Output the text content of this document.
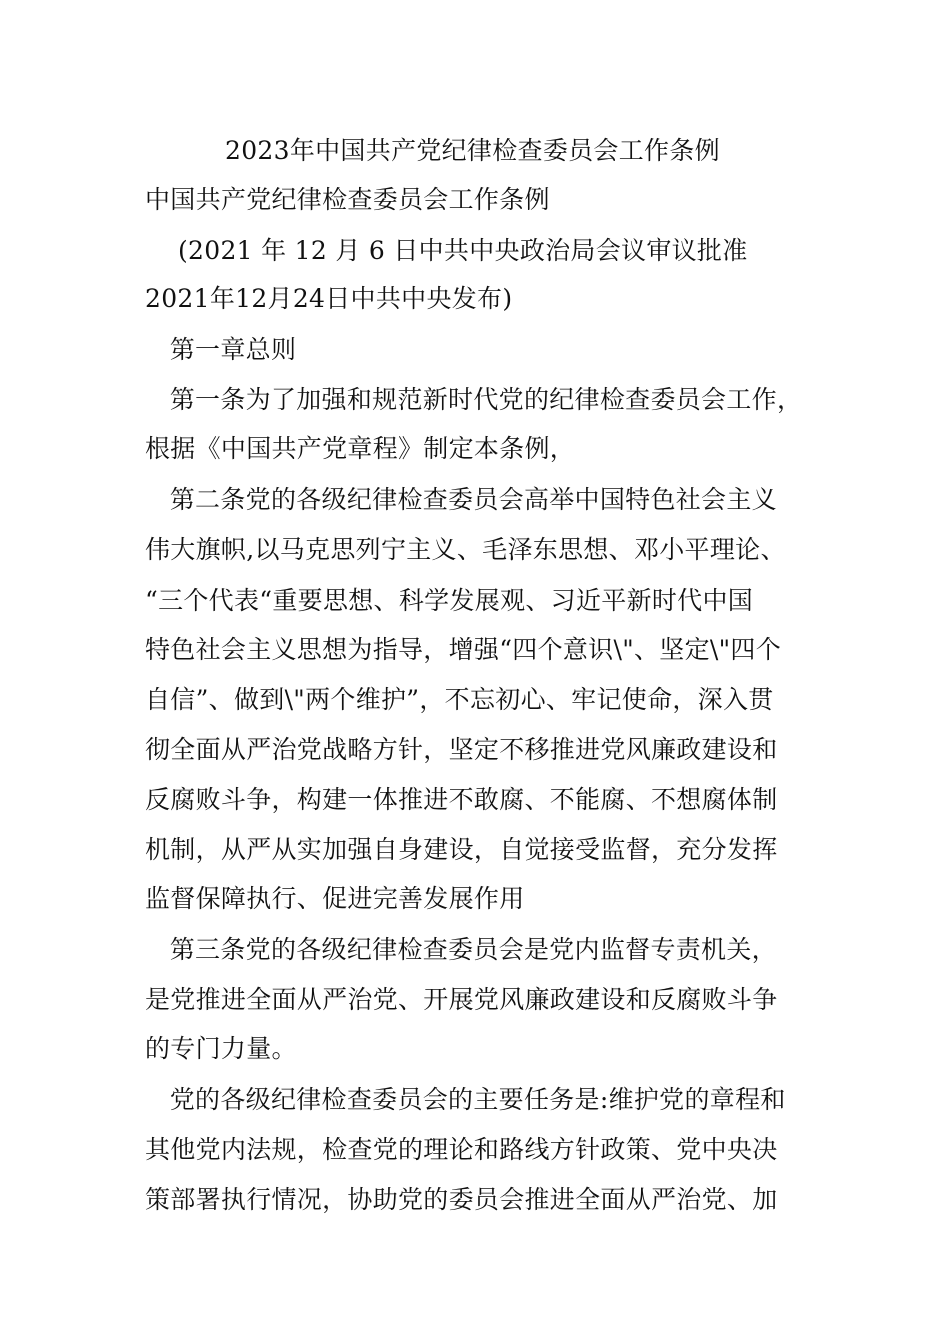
2023年中国共产党纪律检查委员会工作条例
中国共产党纪律检查委员会工作条例
(2021 年 12 月 6 日中共中央政治局会议审议批准
2021年12月24日中共中央发布)
第一章总则
第一条为了加强和规范新时代党的纪律检查委员会工作，
根据《中国共产党章程》制定本条例，
第二条党的各级纪律检查委员会高举中国特色社会主义
伟大旗帜,以马克思列宁主义、毛泽东思想、邓小平理论、
“三个代表“重要思想、科学发展观、习近平新时代中国
特色社会主义思想为指导，增强“四个意识\"、坚定\"四个
自信”、做到\"两个维护”，不忘初心、牢记使命，深入贯
彻全面从严治党战略方针，坚定不移推进党风廉政建设和
反腐败斗争，构建一体推进不敢腐、不能腐、不想腐体制
机制，从严从实加强自身建设，自觉接受监督，充分发挥
监督保障执行、促进完善发展作用
第三条党的各级纪律检查委员会是党内监督专责机关，
是党推进全面从严治党、开展党风廉政建设和反腐败斗争
的专门力量。
党的各级纪律检查委员会的主要任务是:维护党的章程和
其他党内法规，检查党的理论和路线方针政策、党中央决
策部署执行情况，协助党的委员会推进全面从严治党、加
